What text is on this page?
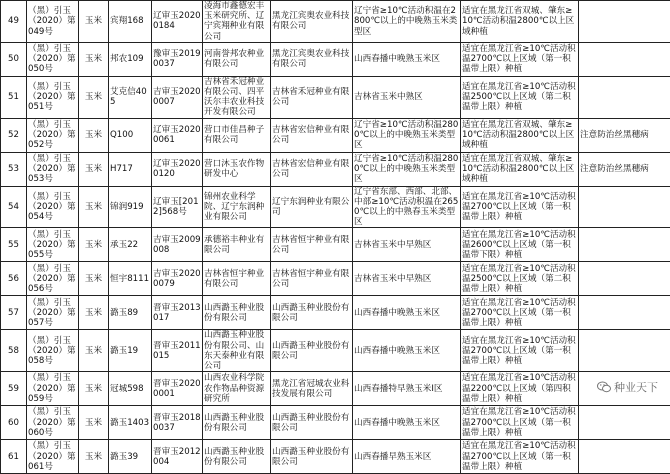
49	（黑）引玉（2020）第049号	玉米	宾翔168	辽审玉20200184	凌海市鑫德宏丰玉米研究所、辽宁宾翔种业有限公司	黑龙江宾奥农业科技有限公司	辽宁省≥10℃活动积温在2800℃以上的中晚熟玉米类型区	适宜在黑龙江省双城、肇东≥10℃活动积温2800℃以上区域种植	
50	（黑）引玉（2020）第050号	玉米	邦农109	豫审玉20190037	河南誉邦农种业有限公司	黑龙江宾奥农业科技有限公司	山西春播中晚熟玉米区	适宜在黑龙江省≥10℃活动积温2700℃以上区域（第一积温带上限）种植	
51	（黑）引玉（2020）第051号	玉米	艾克信405	吉审玉20200007	吉林省禾冠种业有限公司、四平沃尔丰农业科技开发有限公司	吉林省禾冠种业有限公司	吉林省玉米中熟区	适宜在黑龙江省≥10℃活动积温2500℃以上区域（第二积温带上限）种植	
52	（黑）引玉（2020）第052号	玉米	Q100	辽审玉20200061	营口市佳昌种子有限公司	吉林省宏信种业有限公司	辽宁省≥10℃活动积温2800℃以上的中晚熟玉米类型区	适宜在黑龙江省双城、肇东≥10℃活动积温2800℃以上区域种植	注意防治丝黑穗病
53	（黑）引玉（2020）第053号	玉米	H717	辽审玉20200120	营口沐玉农作物研发中心	吉林省宏信种业有限公司	辽宁省≥10℃活动积温2800℃以上的中晚熟玉米类型区	适宜在黑龙江省双城、肇东≥10℃活动积温2800℃以上区域种植	注意防治丝黑穗病
54	（黑）引玉（2020）第054号	玉米	锦润919	辽审玉[2012]568号	锦州农业科学院、辽宁东润种业有限公司	辽宁东润种业有限公司	辽宁省东部、西部、北部、中部≥10℃活动积温在2650℃以上的中熟春玉米类型区	适宜在黑龙江省≥10℃活动积温2700℃以上区域（第一积温带上限）种植	
55	（黑）引玉（2020）第055号	玉米	承玉22	吉审玉2009008	承德裕丰种业有限公司	吉林省恒宇种业有限公司	吉林省玉米中早熟区	适宜在黑龙江省≥10℃活动积温2600℃以上区域（第一积温带下限）种植	
56	（黑）引玉（2020）第056号	玉米	恒宇8111	吉审玉20200079	吉林省恒宇种业有限公司	吉林省恒宇种业有限公司	吉林省玉米中早熟区	适宜在黑龙江省≥10℃活动积温2500℃以上区域（第二积温带上限）种植	
57	（黑）引玉（2020）第057号	玉米	潞玉89	晋审玉2013017	山西潞玉种业股份有限公司	山西潞玉种业股份有限公司	山西春播中晚熟玉米区	适宜在黑龙江省≥10℃活动积温2700℃以上区域（第一积温带上限）种植	
58	（黑）引玉（2020）第058号	玉米	潞玉19	晋审玉2011015	山西潞玉种业股份有限公司、山东天泰种业有限公司	山西潞玉种业股份有限公司	山西春播中晚熟玉米区	适宜在黑龙江省≥10℃活动积温2700℃以上区域（第一积温带上限）种植	
59	（黑）引玉（2020）第059号	玉米	冠城598	晋审玉20200001	山西农业科学院农作物品种资源研究所	黑龙江省冠城农业科技发展有限公司	山西春播特早熟玉米Ⅰ区	适宜在黑龙江省≥10℃活动积温2200℃以上区域（第四积温带上限）种植	
60	（黑）引玉（2020）第060号	玉米	潞玉1403	晋审玉20180037	山西潞玉种业股份有限公司	山西潞玉种业股份有限公司	山西春播中晚熟玉米区	适宜在黑龙江省≥10℃活动积温2700℃以上区域（第一积温带上限）种植	
61	（黑）引玉（2020）第061号	玉米	潞玉39	晋审玉2012004	山西潞玉种业股份有限公司	山西潞玉种业股份有限公司	山西春播早熟玉米区	适宜在黑龙江省≥10℃活动积温2700℃以上区域（第一积温带上限）种植	
种业天下
